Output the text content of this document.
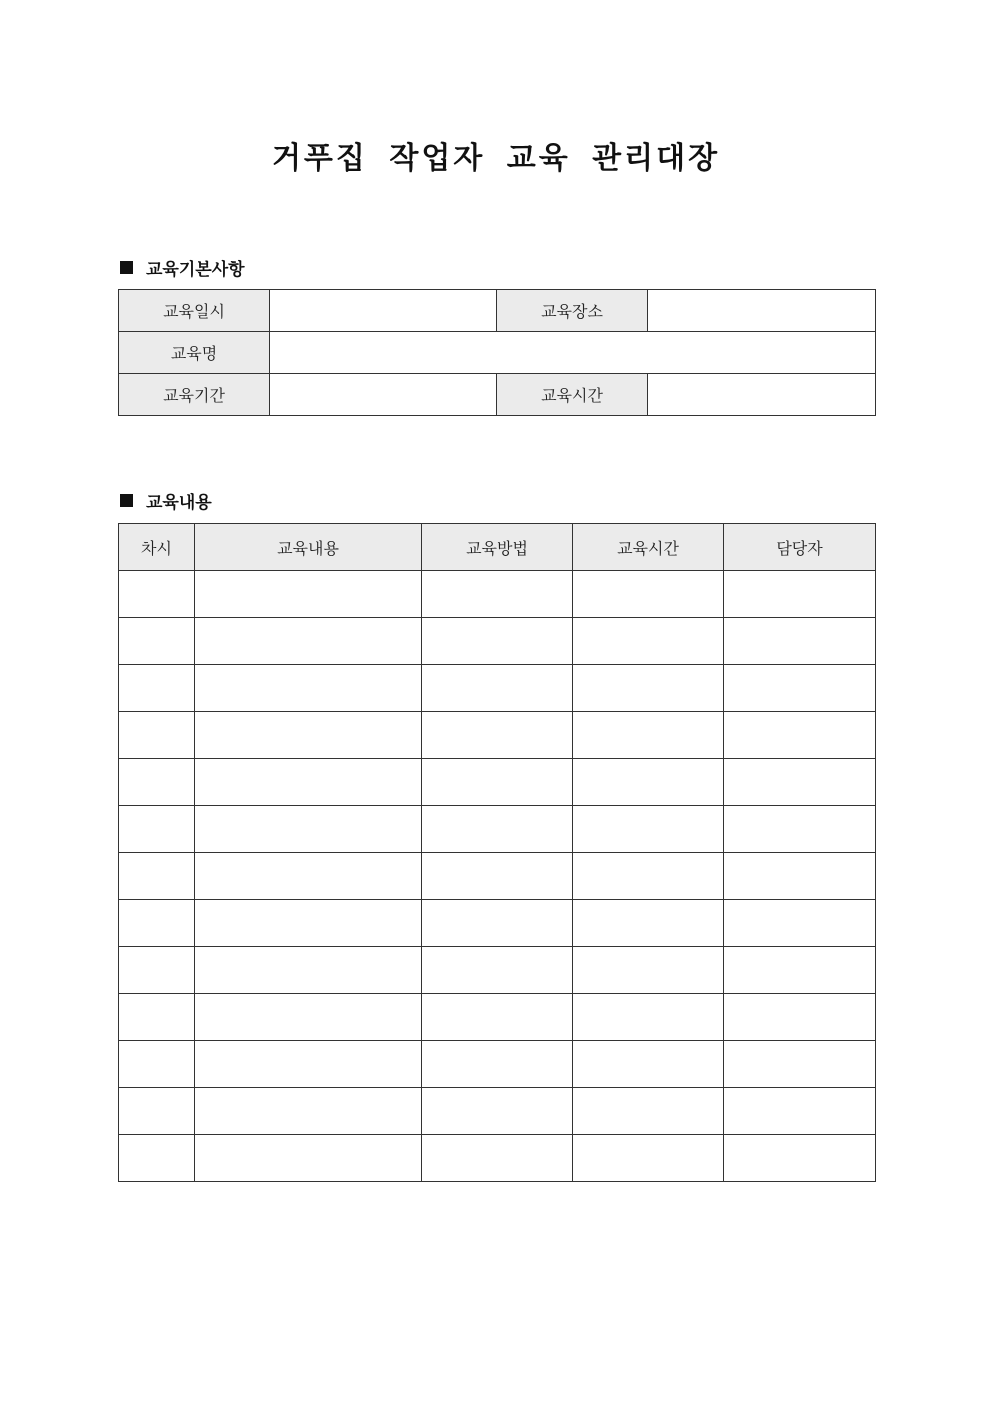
거푸집 작업자 교육 관리대장
교육기본사항
교육일시		교육장소	
교육명			
교육기간		교육시간	
교육내용
차시	교육내용	교육방법	교육시간	담당자
